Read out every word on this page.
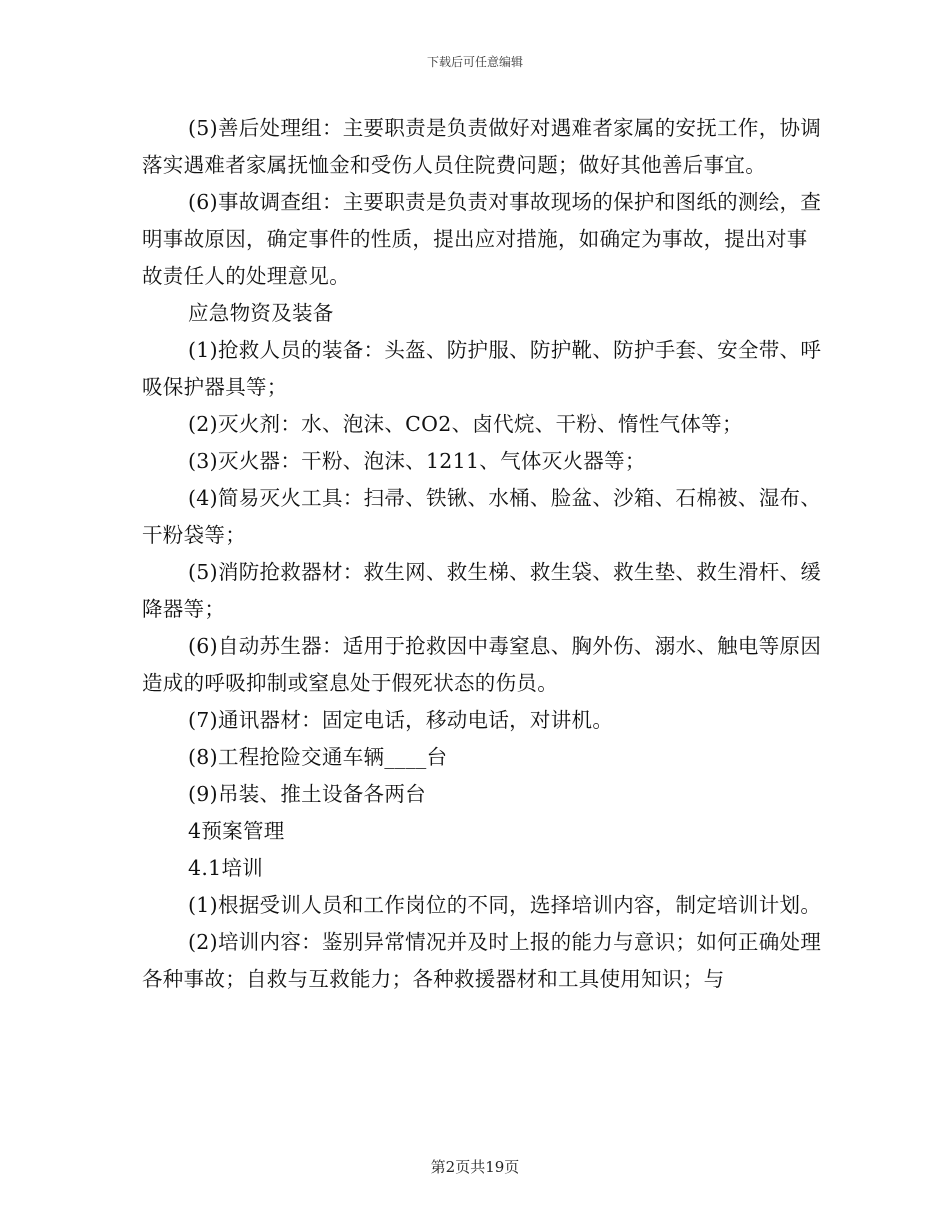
下载后可任意编辑

(5)善后处理组：主要职责是负责做好对遇难者家属的安抚工作，协调落实遇难者家属抚恤金和受伤人员住院费问题；做好其他善后事宜。

(6)事故调查组：主要职责是负责对事故现场的保护和图纸的测绘，查明事故原因，确定事件的性质，提出应对措施，如确定为事故，提出对事故责任人的处理意见。

应急物资及装备

(1)抢救人员的装备：头盔、防护服、防护靴、防护手套、安全带、呼吸保护器具等；

(2)灭火剂：水、泡沫、CO2、卤代烷、干粉、惰性气体等；

(3)灭火器：干粉、泡沫、1211、气体灭火器等；

(4)简易灭火工具：扫帚、铁锹、水桶、脸盆、沙箱、石棉被、湿布、干粉袋等；

(5)消防抢救器材：救生网、救生梯、救生袋、救生垫、救生滑杆、缓降器等；

(6)自动苏生器：适用于抢救因中毒窒息、胸外伤、溺水、触电等原因造成的呼吸抑制或窒息处于假死状态的伤员。

(7)通讯器材：固定电话，移动电话，对讲机。

(8)工程抢险交通车辆____台

(9)吊装、推土设备各两台

4预案管理

4.1培训

(1)根据受训人员和工作岗位的不同，选择培训内容，制定培训计划。

(2)培训内容：鉴别异常情况并及时上报的能力与意识；如何正确处理各种事故；自救与互救能力；各种救援器材和工具使用知识；与

第2页共19页
